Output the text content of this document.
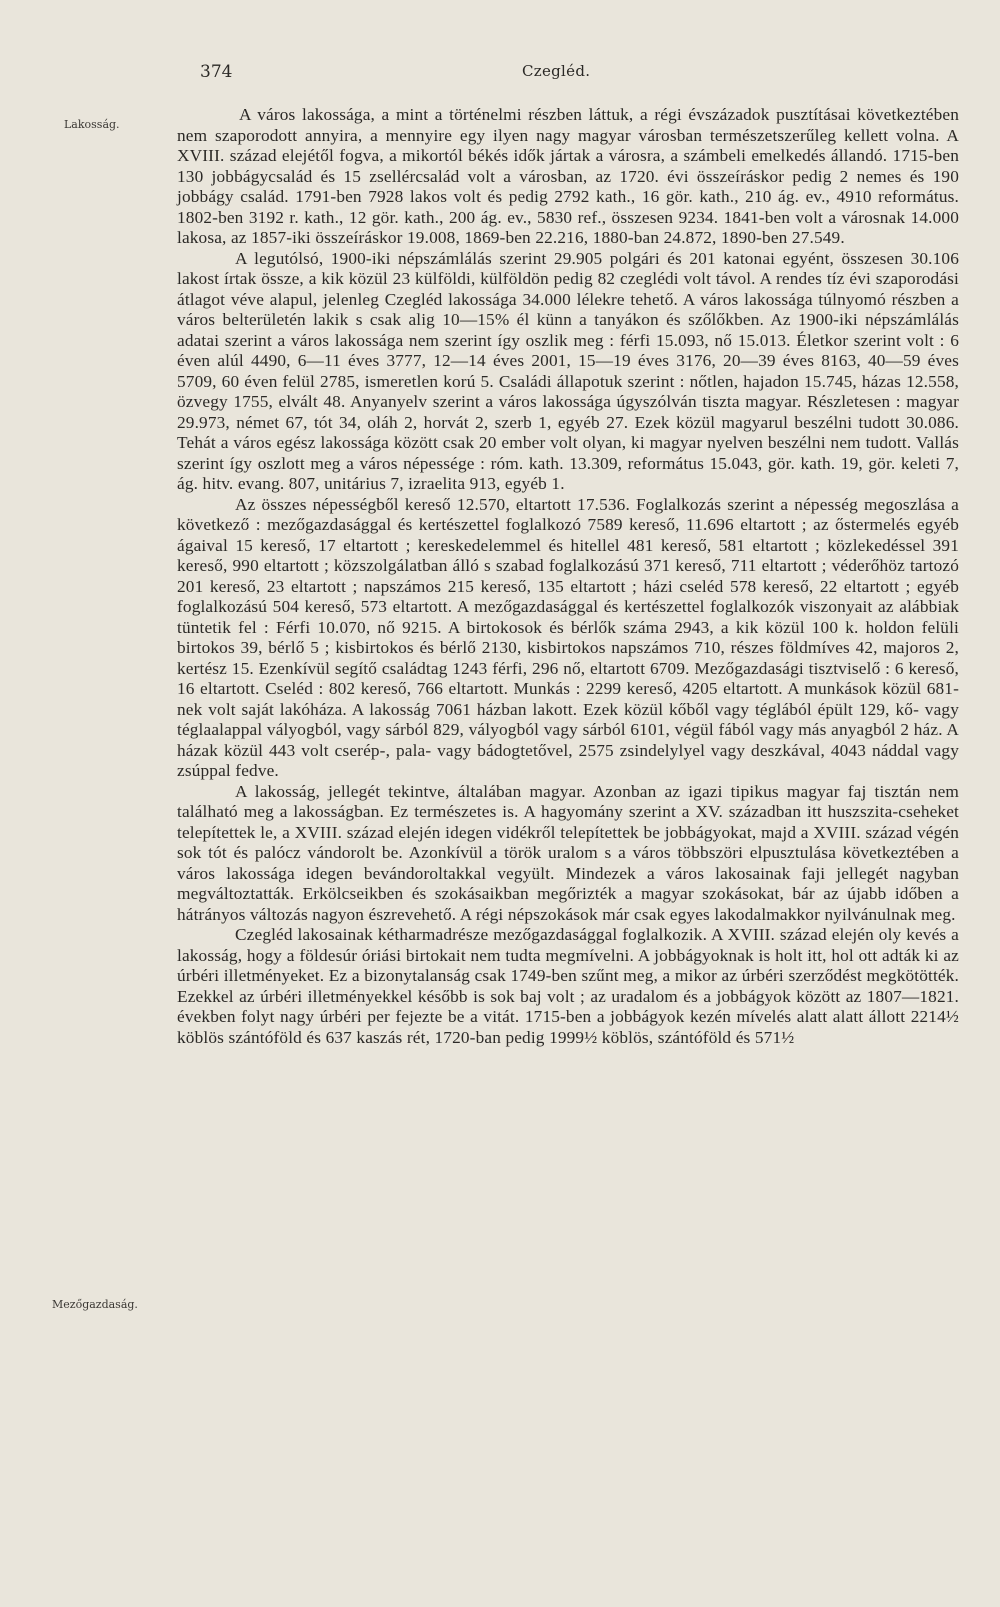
374	Czegléd.
Lakosság.
Mezőgazdaság.

A város lakossága, a mint a történelmi részben láttuk, a régi évszázadok pusztításai következtében nem szaporodott annyira, a mennyire egy ilyen nagy magyar városban természetszerűleg kellett volna. A XVIII. század elejétől fogva, a mikortól békés idők jártak a városra, a számbeli emelkedés állandó. 1715-ben 130 jobbágycsalád és 15 zsellércsalád volt a városban, az 1720. évi összeíráskor pedig 2 nemes és 190 jobbágy család. 1791-ben 7928 lakos volt és pedig 2792 kath., 16 gör. kath., 210 ág. ev., 4910 református. 1802-ben 3192 r. kath., 12 gör. kath., 200 ág. ev., 5830 ref., összesen 9234. 1841-ben volt a városnak 14.000 lakosa, az 1857-iki összeíráskor 19.008, 1869-ben 22.216, 1880-ban 24.872, 1890-ben 27.549.

A legutólsó, 1900-iki népszámlálás szerint 29.905 polgári és 201 katonai egyént, összesen 30.106 lakost írtak össze, a kik közül 23 külföldi, külföldön pedig 82 czeglédi volt távol. A rendes tíz évi szaporodási átlagot véve alapul, jelenleg Czegléd lakossága 34.000 lélekre tehető. A város lakossága túlnyomó részben a város belterületén lakik s csak alig 10—15% él künn a tanyákon és szőlőkben. Az 1900-iki népszámlálás adatai szerint a város lakossága nem szerint így oszlik meg : férfi 15.093, nő 15.013. Életkor szerint volt : 6 éven alúl 4490, 6—11 éves 3777, 12—14 éves 2001, 15—19 éves 3176, 20—39 éves 8163, 40—59 éves 5709, 60 éven felül 2785, ismeretlen korú 5. Családi állapotuk szerint : nőtlen, hajadon 15.745, házas 12.558, özvegy 1755, elvált 48. Anyanyelv szerint a város lakossága úgyszólván tiszta magyar. Részletesen : magyar 29.973, német 67, tót 34, oláh 2, horvát 2, szerb 1, egyéb 27. Ezek közül magyarul beszélni tudott 30.086. Tehát a város egész lakossága között csak 20 ember volt olyan, ki magyar nyelven beszélni nem tudott. Vallás szerint így oszlott meg a város népessége : róm. kath. 13.309, református 15.043, gör. kath. 19, gör. keleti 7, ág. hitv. evang. 807, unitárius 7, izraelita 913, egyéb 1.

Az összes népességből kereső 12.570, eltartott 17.536. Foglalkozás szerint a népesség megoszlása a következő : mezőgazdasággal és kertészettel foglalkozó 7589 kereső, 11.696 eltartott ; az őstermelés egyéb ágaival 15 kereső, 17 eltartott ; kereskedelemmel és hitellel 481 kereső, 581 eltartott ; közlekedéssel 391 kereső, 990 eltartott ; közszolgálatban álló s szabad foglalkozású 371 kereső, 711 eltartott ; véderőhöz tartozó 201 kereső, 23 eltartott ; napszámos 215 kereső, 135 eltartott ; házi cseléd 578 kereső, 22 eltartott ; egyéb foglalkozású 504 kereső, 573 eltartott. A mezőgazdasággal és kertészettel foglalkozók viszonyait az alábbiak tüntetik fel : Férfi 10.070, nő 9215. A birtokosok és bérlők száma 2943, a kik közül 100 k. holdon felüli birtokos 39, bérlő 5 ; kisbirtokos és bérlő 2130, kisbirtokos napszámos 710, részes földmíves 42, majoros 2, kertész 15. Ezenkívül segítő családtag 1243 férfi, 296 nő, eltartott 6709. Mezőgazdasági tisztviselő : 6 kereső, 16 eltartott. Cseléd : 802 kereső, 766 eltartott. Munkás : 2299 kereső, 4205 eltartott. A munkások közül 681-nek volt saját lakóháza. A lakosság 7061 házban lakott. Ezek közül kőből vagy téglából épült 129, kő- vagy téglaalappal vályogból, vagy sárból 829, vályogból vagy sárból 6101, végül fából vagy más anyagból 2 ház. A házak közül 443 volt cserép-, pala- vagy bádogtetővel, 2575 zsindelylyel vagy deszkával, 4043 náddal vagy zsúppal fedve.

A lakosság, jellegét tekintve, általában magyar. Azonban az igazi tipikus magyar faj tisztán nem található meg a lakosságban. Ez természetes is. A hagyomány szerint a XV. században itt huszszita-cseheket telepítettek le, a XVIII. század elején idegen vidékről telepítettek be jobbágyokat, majd a XVIII. század végén sok tót és palócz vándorolt be. Azonkívül a török uralom s a város többszöri elpusztulása következtében a város lakossága idegen bevándoroltakkal vegyült. Mindezek a város lakosainak faji jellegét nagyban megváltoztatták. Erkölcseikben és szokásaikban megőrizték a magyar szokásokat, bár az újabb időben a hátrányos változás nagyon észrevehető. A régi népszokások már csak egyes lakodalmakkor nyilvánulnak meg.

Czegléd lakosainak kétharmadrésze mezőgazdasággal foglalkozik. A XVIII. század elején oly kevés a lakosság, hogy a földesúr óriási birtokait nem tudta megmívelni. A jobbágyoknak is holt itt, hol ott adták ki az úrbéri illetményeket. Ez a bizonytalanság csak 1749-ben szűnt meg, a mikor az úrbéri szerződést megkötötték. Ezekkel az úrbéri illetményekkel később is sok baj volt ; az uradalom és a jobbágyok között az 1807—1821. években folyt nagy úrbéri per fejezte be a vitát. 1715-ben a jobbágyok kezén mívelés alatt alatt állott 2214½ köblös szántóföld és 637 kaszás rét, 1720-ban pedig 1999½ köblös, szántóföld és 571½
